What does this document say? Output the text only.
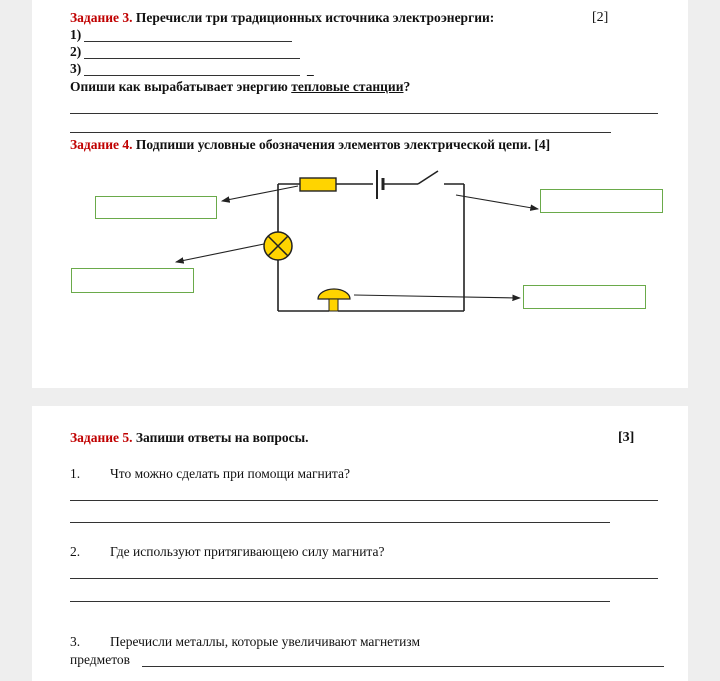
Задание 3. Перечисли три традиционных источника электроэнергии:	[2]
1)
2)
3)	_
Опиши как вырабатывает энергию тепловые станции?
Задание 4. Подпиши условные обозначения элементов электрической цепи. [4]
Задание 5. Запиши ответы на вопросы.	[3]
1. Что можно сделать при помощи магнита?
2. Где используют притягивающею силу магнита?
3. Перечисли металлы, которые увеличивают магнетизм
предметов
